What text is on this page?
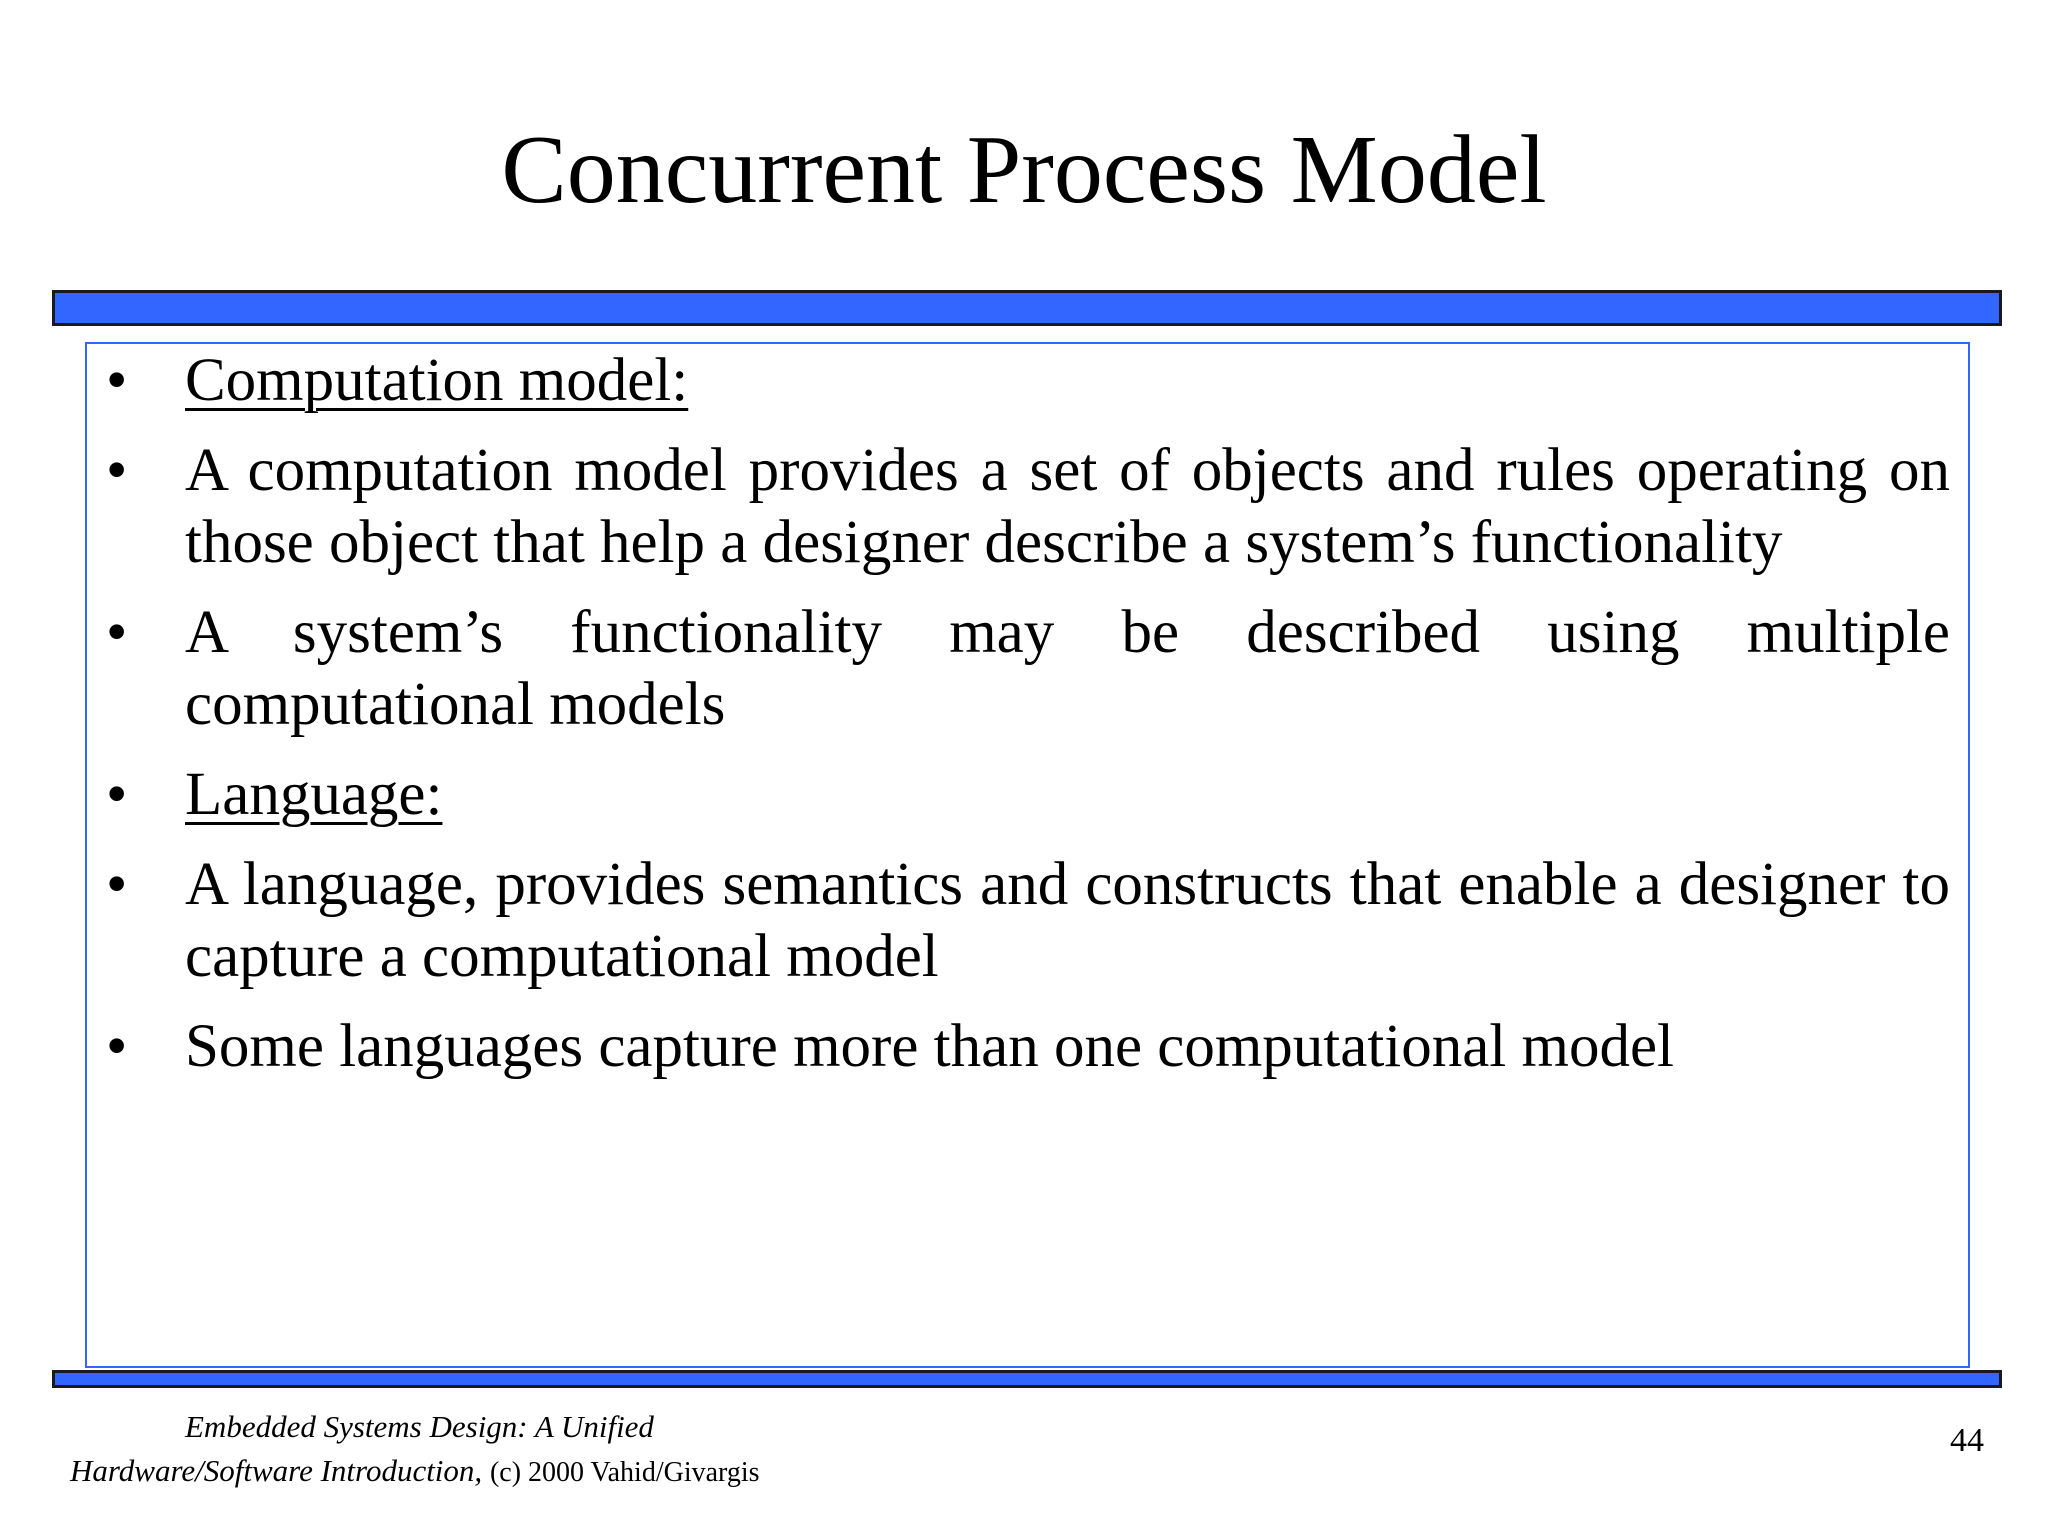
Concurrent Process Model
• Computation model:
• A computation model provides a set of objects and rules operating on those object that help a designer describe a system’s functionality
• A system’s functionality may be described using multiple computational models
• Language:
• A language, provides semantics and constructs that enable a designer to capture a computational model
• Some languages capture more than one computational model
Embedded Systems Design: A Unified
Hardware/Software Introduction, (c) 2000 Vahid/Givargis
44
